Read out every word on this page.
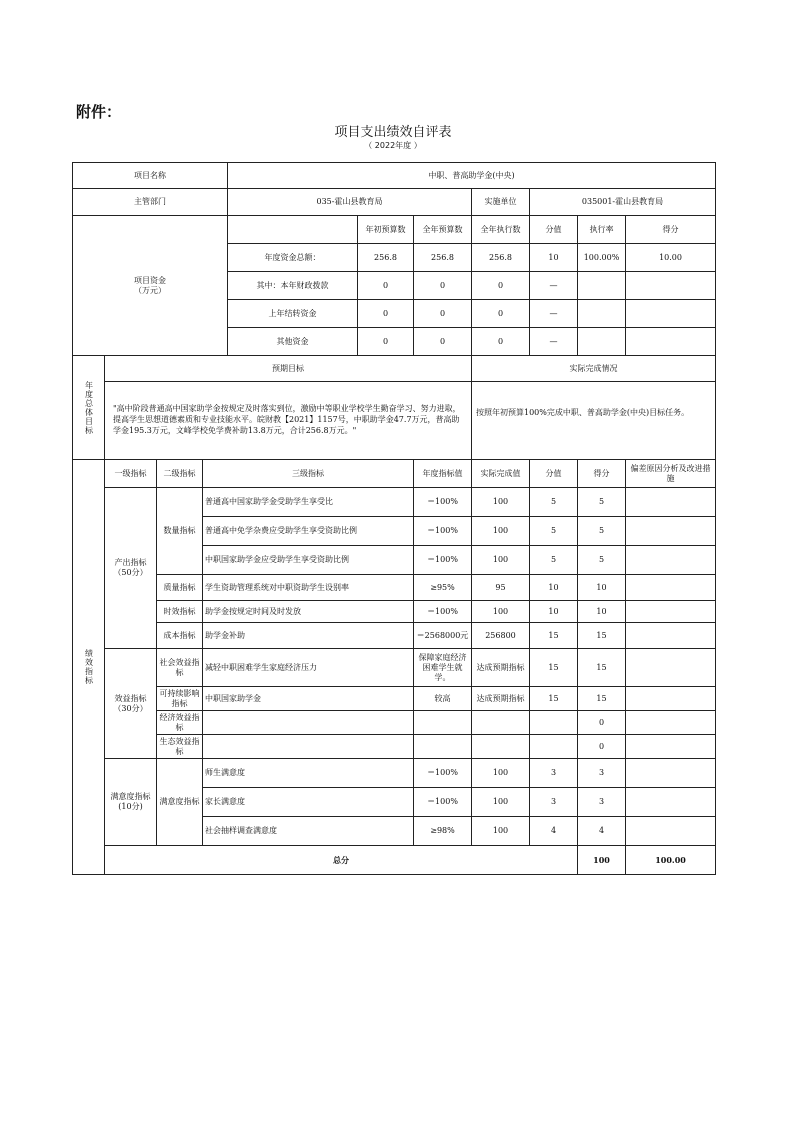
附件：
项目支出绩效自评表
（ 2022年度 ）
项目名称				中职、普高助学金(中央)							
主管部门				035-霍山县教育局			实施单位	035001-霍山县教育局			

项目资金
（万元）					年初预算数	全年预算数	全年执行数	分值	执行率	得分	
				年度资金总额：	256.8	256.8	256.8	10	100.00%	10.00	
				其中：本年财政拨款	0	0	0	—			
				上年结转资金	0	0	0	—			
				其他资金	0	0	0	—			
年度总体目标	预期目标						实际完成情况				
	"高中阶段普通高中国家助学金按规定及时落实到位，激励中等职业学校学生勤奋学习、努力进取，提高学生思想道德素质和专业技能水平。皖财教【2021】1157号，中职助学金47.7万元，普高助学金195.3万元，文峰学校免学费补助13.8万元，合计256.8万元。"						按照年初预算100%完成中职、普高助学金(中央)目标任务。				
绩效指标	一级指标	二级指标	三级指标			年度指标值	实际完成值	分值	得分	偏差原因分析及改进措施	
	产出指标
（50分）	数量指标	普通高中国家助学金受助学生享受比			＝100%	100	5	5		
			普通高中免学杂费应受助学生享受资助比例			＝100%	100	5	5		
			中职国家助学金应受助学生享受资助比例			＝100%	100	5	5		
		质量指标	学生资助管理系统对中职资助学生设别率			≥95%	95	10	10		
		时效指标	助学金按规定时间及时发放			＝100%	100	10	10		
		成本指标	助学金补助			＝2568000元	256800	15	15		
	效益指标
（30分）	社会效益指标	减轻中职困难学生家庭经济压力			保障家庭经济困难学生就学。	达成预期指标	15	15		
		可持续影响指标	中职国家助学金			较高	达成预期指标	15	15		
		经济效益指标							0		
		生态效益指标							0		
	满意度指标(10分)	满意度指标	师生满意度			＝100%	100	3	3		
			家长满意度			＝100%	100	3	3		
			社会抽样调查满意度			≥98%	100	4	4		
	总分								100	100.00	
